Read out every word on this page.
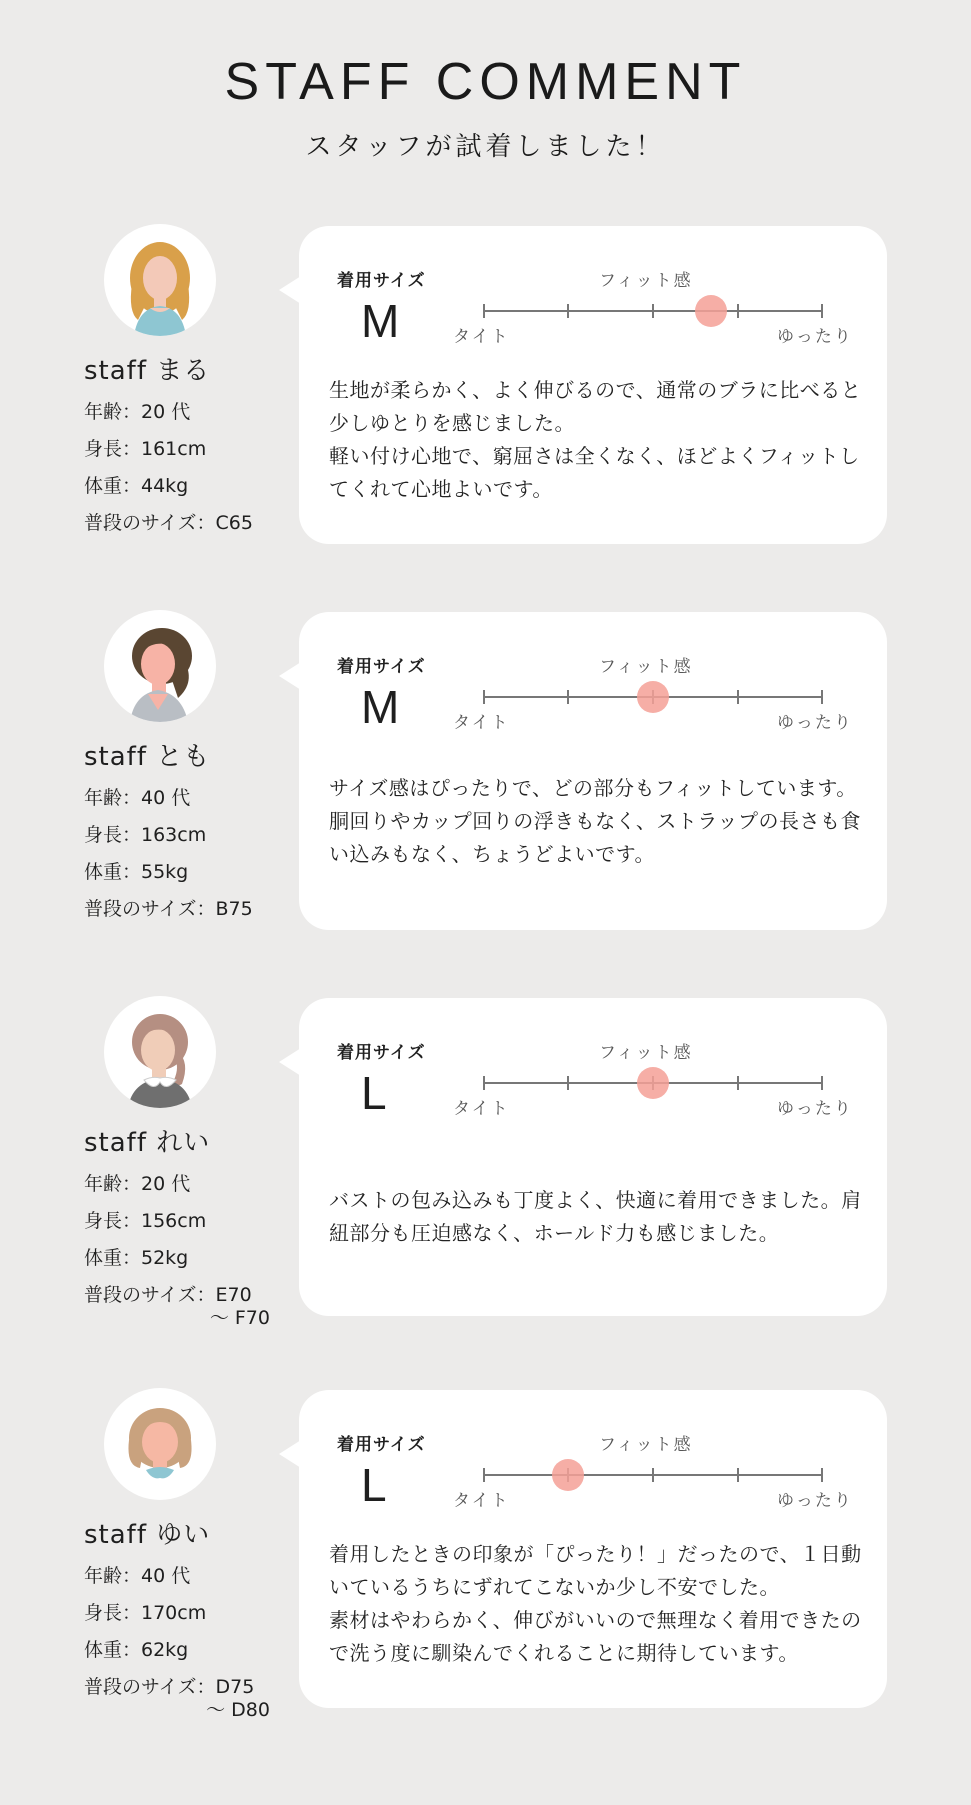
STAFF COMMENT
スタッフが試着しました！
staff まる
年齢：20 代
身長：161cm
体重：44kg
普段のサイズ：C65
着用サイズ
M
フィット感
タイト	ゆったり
生地が柔らかく、よく伸びるので、通常のブラに比べると少しゆとりを感じました。
軽い付け心地で、窮屈さは全くなく、ほどよくフィットしてくれて心地よいです。
staff とも
年齢：40 代
身長：163cm
体重：55kg
普段のサイズ：B75
着用サイズ
M
フィット感
タイト	ゆったり
サイズ感はぴったりで、どの部分もフィットしています。胴回りやカップ回りの浮きもなく、ストラップの長さも食い込みもなく、ちょうどよいです。
staff れい
年齢：20 代
身長：156cm
体重：52kg
普段のサイズ：E70
～ F70
着用サイズ
L
フィット感
タイト	ゆったり
バストの包み込みも丁度よく、快適に着用できました。肩紐部分も圧迫感なく、ホールド力も感じました。
staff ゆい
年齢：40 代
身長：170cm
体重：62kg
普段のサイズ：D75
～ D80
着用サイズ
L
フィット感
タイト	ゆったり
着用したときの印象が「ぴったり！」だったので、１日動いているうちにずれてこないか少し不安でした。
素材はやわらかく、伸びがいいので無理なく着用できたので洗う度に馴染んでくれることに期待しています。
